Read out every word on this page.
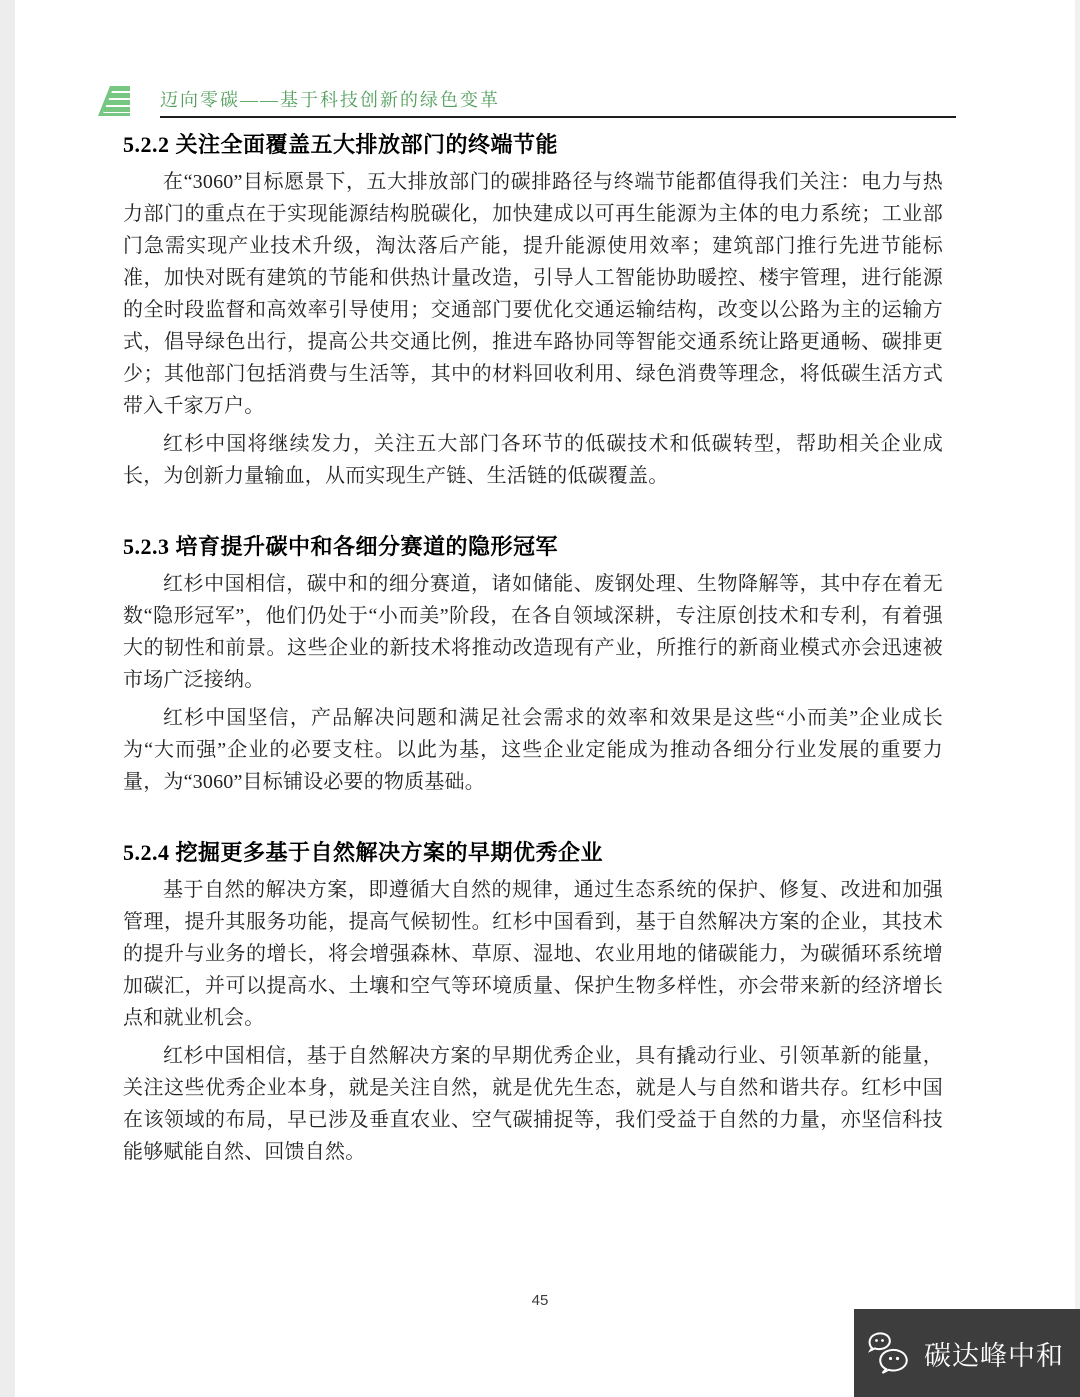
迈向零碳——基于科技创新的绿色变革
5.2.2 关注全面覆盖五大排放部门的终端节能

在“3060”目标愿景下，五大排放部门的碳排路径与终端节能都值得我们关注：电力与热力部门的重点在于实现能源结构脱碳化，加快建成以可再生能源为主体的电力系统；工业部门急需实现产业技术升级，淘汰落后产能，提升能源使用效率；建筑部门推行先进节能标准，加快对既有建筑的节能和供热计量改造，引导人工智能协助暖控、楼宇管理，进行能源的全时段监督和高效率引导使用；交通部门要优化交通运输结构，改变以公路为主的运输方式，倡导绿色出行，提高公共交通比例，推进车路协同等智能交通系统让路更通畅、碳排更少；其他部门包括消费与生活等，其中的材料回收利用、绿色消费等理念，将低碳生活方式带入千家万户。

红杉中国将继续发力，关注五大部门各环节的低碳技术和低碳转型，帮助相关企业成长，为创新力量输血，从而实现生产链、生活链的低碳覆盖。

5.2.3 培育提升碳中和各细分赛道的隐形冠军

红杉中国相信，碳中和的细分赛道，诸如储能、废钢处理、生物降解等，其中存在着无数“隐形冠军”，他们仍处于“小而美”阶段，在各自领域深耕，专注原创技术和专利，有着强大的韧性和前景。这些企业的新技术将推动改造现有产业，所推行的新商业模式亦会迅速被市场广泛接纳。

红杉中国坚信，产品解决问题和满足社会需求的效率和效果是这些“小而美”企业成长为“大而强”企业的必要支柱。以此为基，这些企业定能成为推动各细分行业发展的重要力量，为“3060”目标铺设必要的物质基础。

5.2.4 挖掘更多基于自然解决方案的早期优秀企业

基于自然的解决方案，即遵循大自然的规律，通过生态系统的保护、修复、改进和加强管理，提升其服务功能，提高气候韧性。红杉中国看到，基于自然解决方案的企业，其技术的提升与业务的增长，将会增强森林、草原、湿地、农业用地的储碳能力，为碳循环系统增加碳汇，并可以提高水、土壤和空气等环境质量、保护生物多样性，亦会带来新的经济增长点和就业机会。

红杉中国相信，基于自然解决方案的早期优秀企业，具有撬动行业、引领革新的能量，关注这些优秀企业本身，就是关注自然，就是优先生态，就是人与自然和谐共存。红杉中国在该领域的布局，早已涉及垂直农业、空气碳捕捉等，我们受益于自然的力量，亦坚信科技能够赋能自然、回馈自然。

45
碳达峰中和
